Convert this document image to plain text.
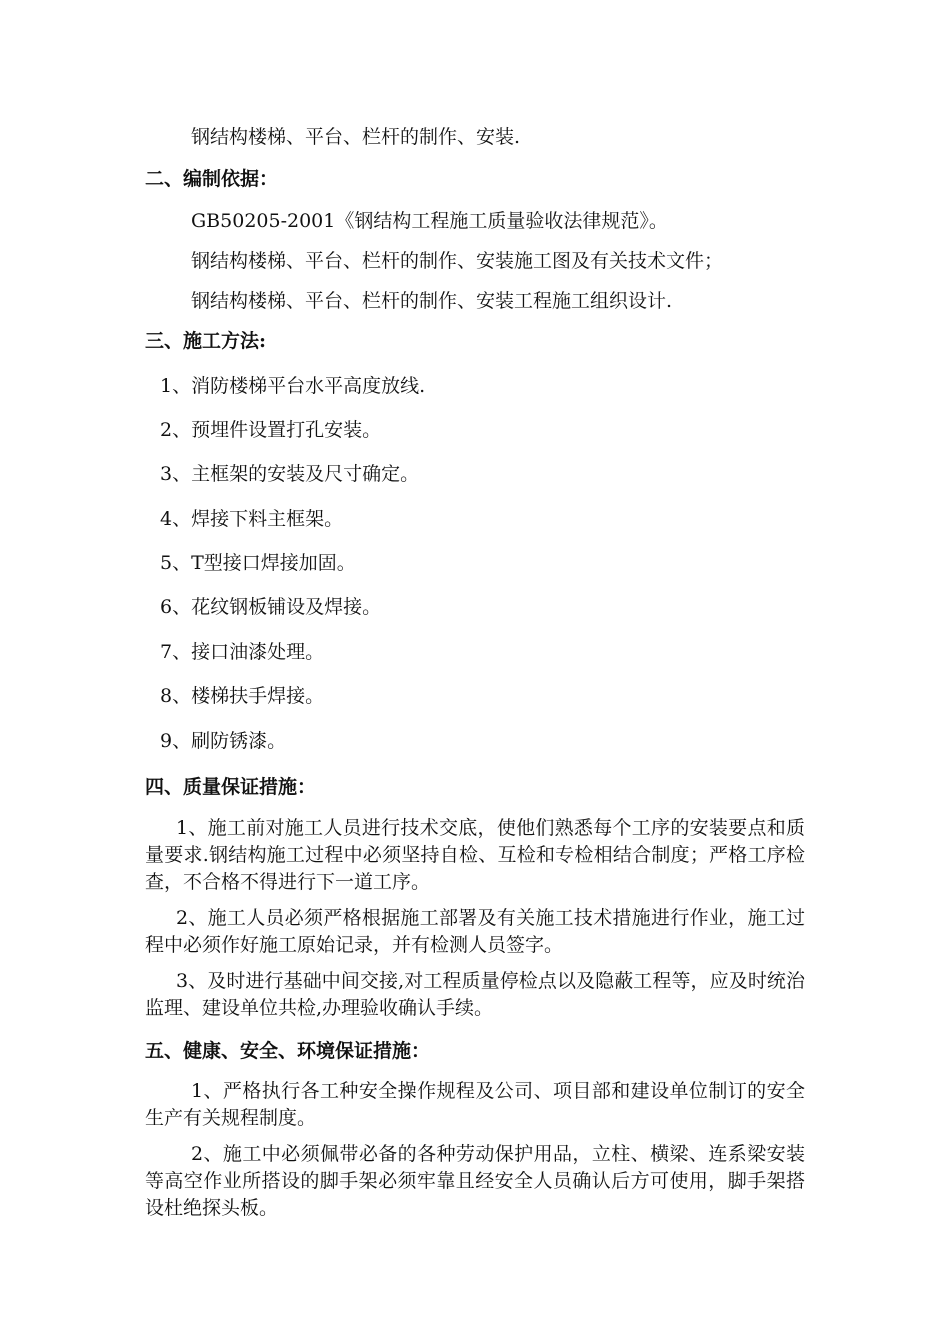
钢结构楼梯、平台、栏杆的制作、安装.
二、编制依据：
GB50205-2001《钢结构工程施工质量验收法律规范》。
钢结构楼梯、平台、栏杆的制作、安装施工图及有关技术文件；
钢结构楼梯、平台、栏杆的制作、安装工程施工组织设计.
三、施工方法:
1、消防楼梯平台水平高度放线.
2、预埋件设置打孔安装。
3、主框架的安装及尺寸确定。
4、焊接下料主框架。
5、T型接口焊接加固。
6、花纹钢板铺设及焊接。
7、接口油漆处理。
8、楼梯扶手焊接。
9、刷防锈漆。
四、质量保证措施：
1、施工前对施工人员进行技术交底，使他们熟悉每个工序的安装要点和质量要求.钢结构施工过程中必须坚持自检、互检和专检相结合制度；严格工序检查，不合格不得进行下一道工序。
2、施工人员必须严格根据施工部署及有关施工技术措施进行作业，施工过程中必须作好施工原始记录，并有检测人员签字。
3、及时进行基础中间交接,对工程质量停检点以及隐蔽工程等，应及时统治监理、建设单位共检,办理验收确认手续。
五、健康、安全、环境保证措施：
1、严格执行各工种安全操作规程及公司、项目部和建设单位制订的安全生产有关规程制度。
2、施工中必须佩带必备的各种劳动保护用品，立柱、横梁、连系梁安装等高空作业所搭设的脚手架必须牢靠且经安全人员确认后方可使用，脚手架搭设杜绝探头板。
